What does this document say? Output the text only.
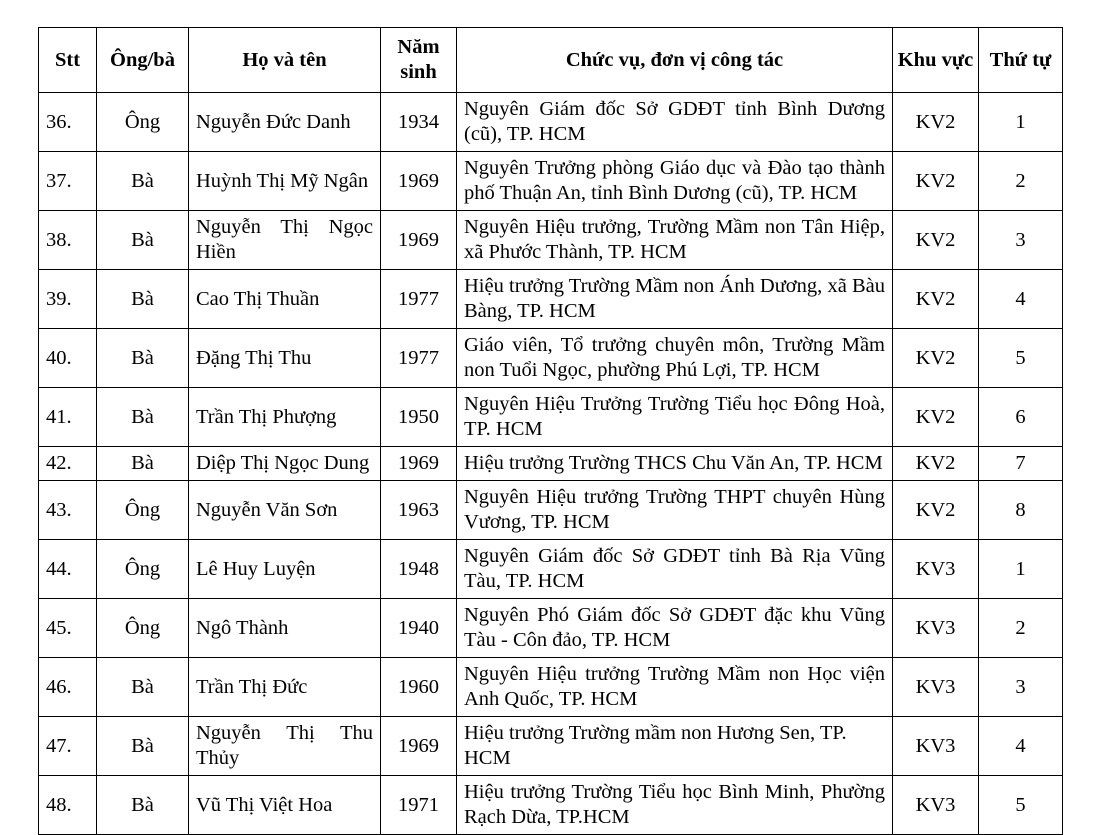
Stt	Ông/bà	Họ và tên	Năm sinh	Chức vụ, đơn vị công tác	Khu vực	Thứ tự
36.	Ông	Nguyễn Đức Danh	1934	Nguyên Giám đốc Sở GDĐT tỉnh Bình Dương (cũ), TP. HCM	KV2	1
37.	Bà	Huỳnh Thị Mỹ Ngân	1969	Nguyên Trưởng phòng Giáo dục và Đào tạo thành phố Thuận An, tỉnh Bình Dương (cũ), TP. HCM	KV2	2
38.	Bà	Nguyễn Thị Ngọc Hiền	1969	Nguyên Hiệu trưởng, Trường Mầm non Tân Hiệp, xã Phước Thành, TP. HCM	KV2	3
39.	Bà	Cao Thị Thuần	1977	Hiệu trưởng Trường Mầm non Ánh Dương, xã Bàu Bàng, TP. HCM	KV2	4
40.	Bà	Đặng Thị Thu	1977	Giáo viên, Tổ trưởng chuyên môn, Trường Mầm non Tuổi Ngọc, phường Phú Lợi, TP. HCM	KV2	5
41.	Bà	Trần Thị Phượng	1950	Nguyên Hiệu Trưởng Trường Tiểu học Đông Hoà, TP. HCM	KV2	6
42.	Bà	Diệp Thị Ngọc Dung	1969	Hiệu trưởng Trường THCS Chu Văn An, TP. HCM	KV2	7
43.	Ông	Nguyễn Văn Sơn	1963	Nguyên Hiệu trưởng Trường THPT chuyên Hùng Vương, TP. HCM	KV2	8
44.	Ông	Lê Huy Luyện	1948	Nguyên Giám đốc Sở GDĐT tỉnh Bà Rịa Vũng Tàu, TP. HCM	KV3	1
45.	Ông	Ngô Thành	1940	Nguyên Phó Giám đốc Sở GDĐT đặc khu Vũng Tàu - Côn đảo, TP. HCM	KV3	2
46.	Bà	Trần Thị Đức	1960	Nguyên Hiệu trưởng Trường Mầm non Học viện Anh Quốc, TP. HCM	KV3	3
47.	Bà	Nguyễn Thị Thu Thủy	1969	Hiệu trưởng Trường mầm non Hương Sen, TP. HCM	KV3	4
48.	Bà	Vũ Thị Việt Hoa	1971	Hiệu trưởng Trường Tiểu học Bình Minh, Phường Rạch Dừa, TP.HCM	KV3	5
